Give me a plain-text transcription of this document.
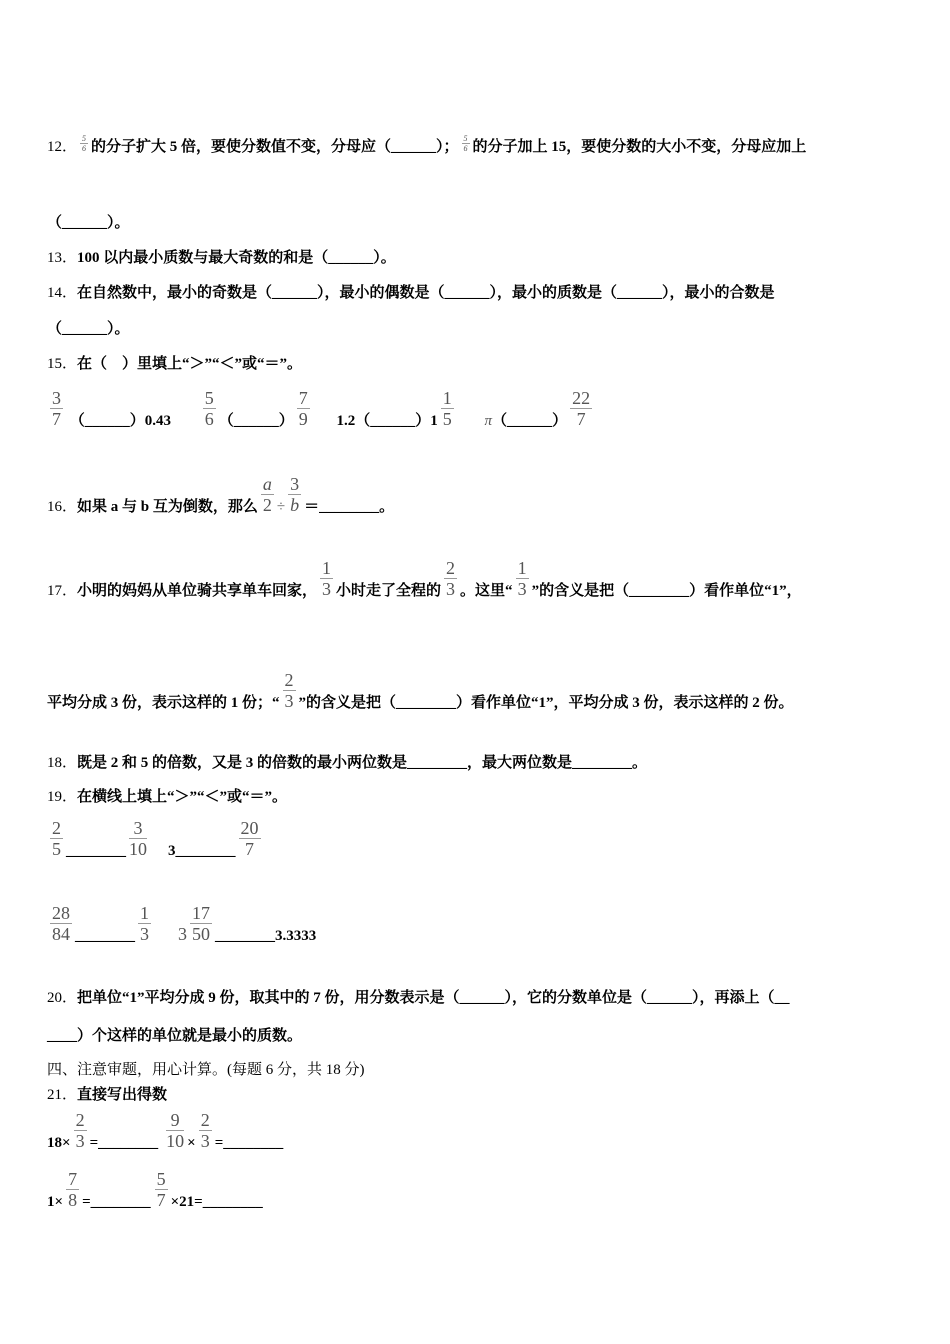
12． $\frac{5}{6}$ 的分子扩大 5 倍，要使分数值不变，分母应（______）； $\frac{5}{6}$ 的分子加上 15，要使分数的大小不变，分母应加上
（______）。
13．100 以内最小质数与最大奇数的和是（______）。
14．在自然数中，最小的奇数是（______），最小的偶数是（______），最小的质数是（______），最小的合数是
（______）。
15．在（　）里填上“＞”“＜”或“＝”。
$\frac{3}{7}$ （______）0.43 $\frac{5}{6}$ （______） $\frac{7}{9}$ 1.2（______）1 $\frac{1}{5}$ π（______） $\frac{22}{7}$
16．如果 a 与 b 互为倒数，那么 $\frac{a}{2} \div \frac{3}{b}$ ＝________。
17．小明的妈妈从单位骑共享单车回家， $\frac{1}{3}$ 小时走了全程的 $\frac{2}{3}$ 。这里“ $\frac{1}{3}$ ”的含义是把（________）看作单位“1”，
平均分成 3 份，表示这样的 1 份；“ $\frac{2}{3}$ ”的含义是把（________）看作单位“1”，平均分成 3 份，表示这样的 2 份。
18．既是 2 和 5 的倍数，又是 3 的倍数的最小两位数是________，最大两位数是________。
19．在横线上填上“＞”“＜”或“＝”。
$\frac{2}{5}$ ________ $\frac{3}{10}$ 3________ $\frac{20}{7}$
$\frac{28}{84}$ ________ $\frac{1}{3} 3 \frac{17}{50}$ ________3.3333
20．把单位“1”平均分成 9 份，取其中的 7 份，用分数表示是（______），它的分数单位是（______），再添上（__
____）个这样的单位就是最小的质数。
四、注意审题，用心计算。(每题 6 分，共 18 分)
21．直接写出得数
$18\times \frac{2}{3}$ =________ $\frac{9}{10} \times \frac{2}{3}$ =________
$1\times \frac{7}{8}$ =________ $\frac{5}{7}$ ×21=________
